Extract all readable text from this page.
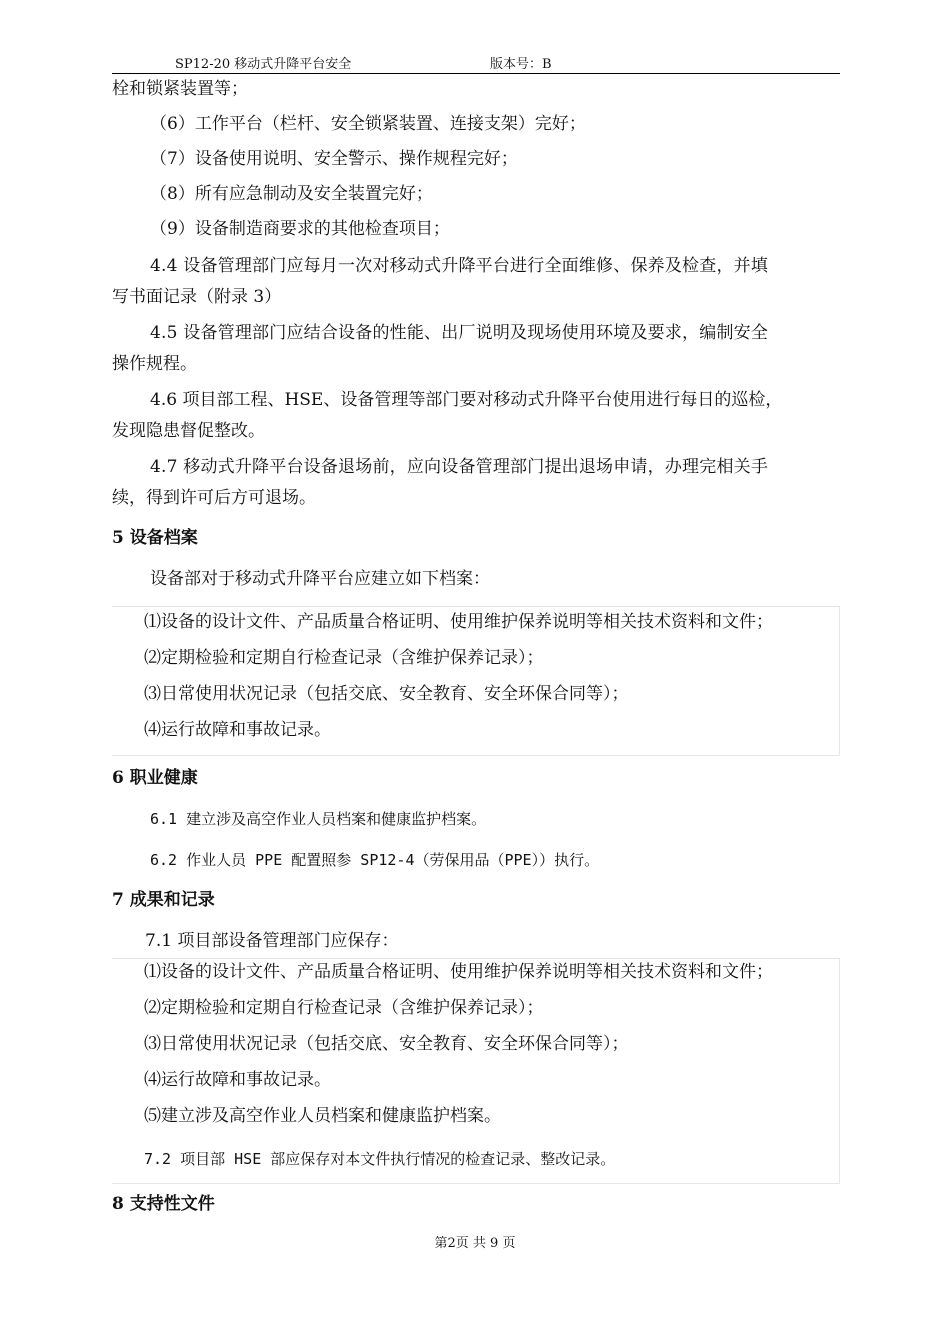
SP12-20 移动式升降平台安全	版本号：B
栓和锁紧装置等；
（6）工作平台（栏杆、安全锁紧装置、连接支架）完好；
（7）设备使用说明、安全警示、操作规程完好；
（8）所有应急制动及安全装置完好；
（9）设备制造商要求的其他检查项目；
4.4 设备管理部门应每月一次对移动式升降平台进行全面维修、保养及检查，并填
写书面记录（附录 3）
4.5 设备管理部门应结合设备的性能、出厂说明及现场使用环境及要求，编制安全
操作规程。
4.6 项目部工程、HSE、设备管理等部门要对移动式升降平台使用进行每日的巡检，
发现隐患督促整改。
4.7 移动式升降平台设备退场前，应向设备管理部门提出退场申请，办理完相关手
续，得到许可后方可退场。
5 设备档案
设备部对于移动式升降平台应建立如下档案：
⑴设备的设计文件、产品质量合格证明、使用维护保养说明等相关技术资料和文件；
⑵定期检验和定期自行检查记录（含维护保养记录）；
⑶日常使用状况记录（包括交底、安全教育、安全环保合同等）；
⑷运行故障和事故记录。
6 职业健康
6.1 建立涉及高空作业人员档案和健康监护档案。
6.2 作业人员 PPE 配置照参 SP12-4（劳保用品（PPE））执行。
7 成果和记录
7.1 项目部设备管理部门应保存：
⑴设备的设计文件、产品质量合格证明、使用维护保养说明等相关技术资料和文件；
⑵定期检验和定期自行检查记录（含维护保养记录）；
⑶日常使用状况记录（包括交底、安全教育、安全环保合同等）；
⑷运行故障和事故记录。
⑸建立涉及高空作业人员档案和健康监护档案。
7.2 项目部 HSE 部应保存对本文件执行情况的检查记录、整改记录。
8 支持性文件
第2页 共 9 页
